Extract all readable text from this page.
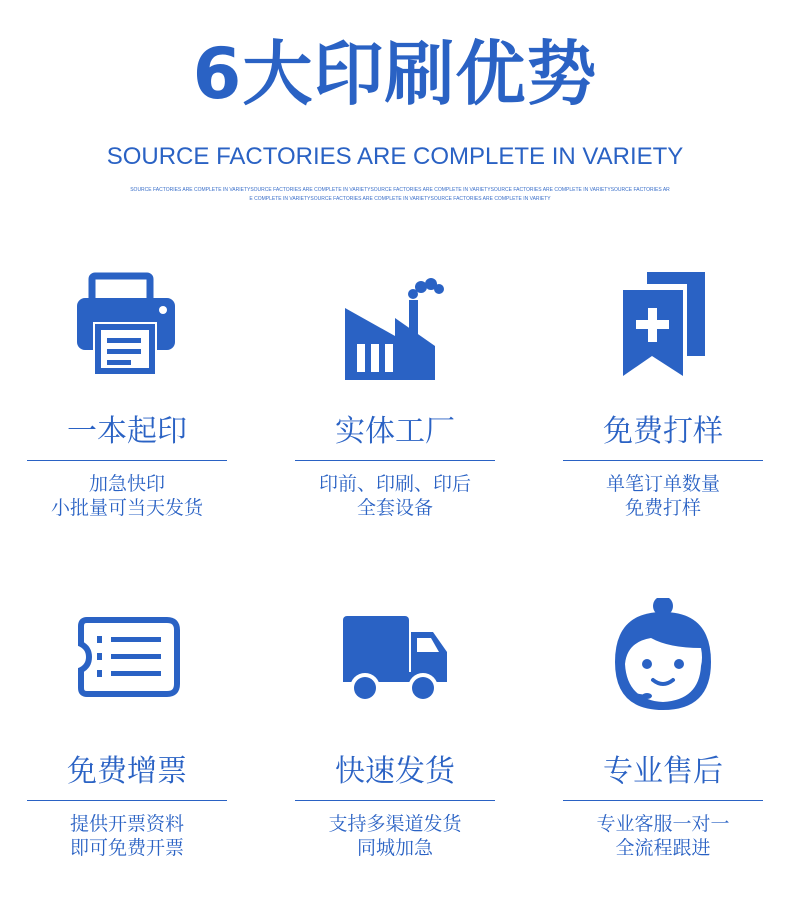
6大印刷优势
SOURCE FACTORIES ARE COMPLETE IN VARIETY
SOURCE FACTORIES ARE COMPLETE IN VARIETYSOURCE FACTORIES ARE COMPLETE IN VARIETYSOURCE FACTORIES ARE COMPLETE IN VARIETYSOURCE FACTORIES ARE COMPLETE IN VARIETYSOURCE FACTORIES ARE COMPLETE IN VARIETYSOURCE FACTORIES ARE COMPLETE IN VARIETYSOURCE FACTORIES ARE COMPLETE IN VARIETY
一本起印
加急快印
小批量可当天发货
实体工厂
印前、印刷、印后
全套设备
免费打样
单笔订单数量
免费打样
免费增票
提供开票资料
即可免费开票
快速发货
支持多渠道发货
同城加急
专业售后
专业客服一对一
全流程跟进
